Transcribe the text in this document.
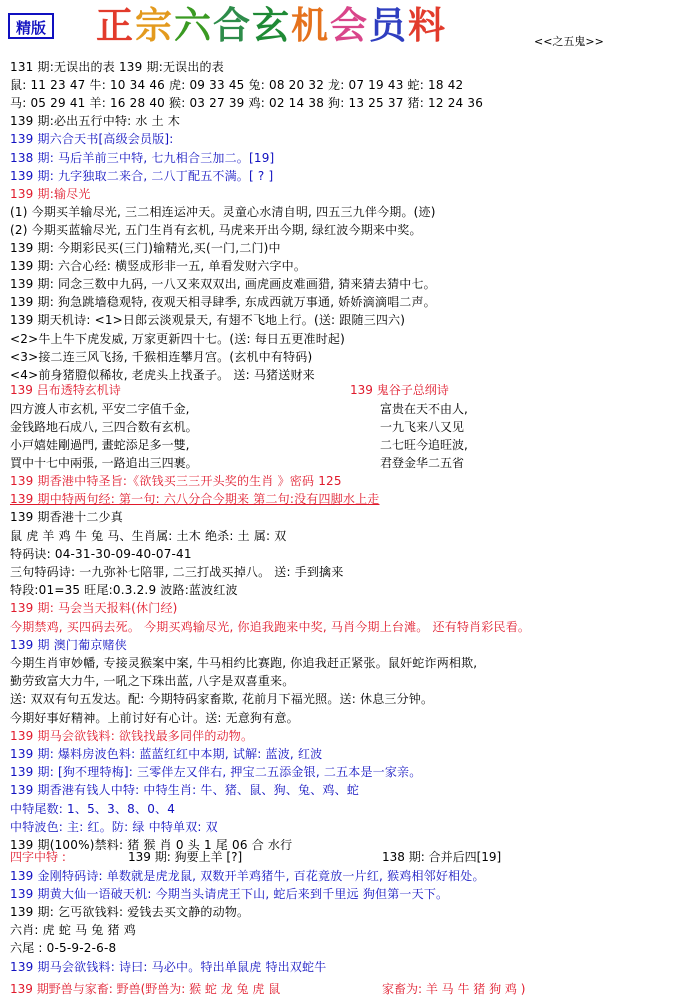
精版 正宗六合玄机会员料	<<之五鬼>>
131 期:无误出的表 139 期:无误出的表
鼠: 11 23 47 牛: 10 34 46 虎: 09 33 45 兔: 08 20 32 龙: 07 19 43 蛇: 18 42
马: 05 29 41 羊: 16 28 40 猴: 03 27 39 鸡: 02 14 38 狗: 13 25 37 猪: 12 24 36
139 期:必出五行中特: 水 土 木
139 期六合天书[高级会员版]:
138 期: 马后羊前三中特, 七九相合三加二。[19]
139 期: 九字独取二来合, 二八丁配五不满。[ ? ]
139 期:输尽光
(1) 今期买羊输尽光, 三二相连运冲天。灵童心水清自明, 四五三九伴今期。(迹)
(2) 今期买蓝输尽光, 五门生肖有玄机, 马虎来开出今期, 绿红波今期来中奖。
139 期: 今期彩民买(三门)输精光,买(一门,二门)中
139 期: 六合心经: 横竖成形非一五, 单看发财六字中。
139 期: 同念三数中九码, 一八又来双双出, 画虎画皮难画猎, 猜来猜去猜中七。
139 期: 狗急跳墙稳观特, 夜观天相寻肆季, 东成西就万事通, 娇娇滴滴唱二声。
139 期天机诗: <1>日郎云淡观景天, 有翅不飞地上行。(送: 跟随三四六)
<2>牛上牛下虎发威, 万家更新四十七。(送: 每日五更准时起)
<3>接二连三风飞扬, 千猴相连攀月宫。(玄机中有特码)
<4>前身猪膯似稀妆, 老虎头上找蚤子。 送: 马猪送财来
139 吕布透特玄机诗	139 鬼谷子总纲诗
四方渡人市玄机, 平安二字值千金,	富贵在天不由人,
金钱路地石成八, 三四合数有玄机。	一九飞来八又见
小戸嬉娃剛過門, 畫蛇添足多一雙,	二七旺今追旺波,
買中十七中兩張, 一路追出三四裹。	君登金华二五省
139 期香港中特圣旨:《欲钱买三三开头奖的生肖 》密码 125
139 期中特两句经: 第一句: 六八分合今期来 第二句:没有四脚水上走
139 期香港十二少真
鼠 虎 羊 鸡 牛 兔 马、生肖属: 土木 绝杀: 土 属: 双
特码诀: 04-31-30-09-40-07-41
三句特码诗: 一九弥补七陪罪, 二三打战买掉八。 送: 手到擒来
特段:01=35 旺尾:0.3.2.9 波路:蓝波红波
139 期: 马会当天报料(休门经)
今期禁鸡, 买四码去死。 今期买鸡输尽光, 你追我跑来中奖, 马肖今期上台滩。 还有特肖彩民看。
139 期 澳门葡京赌侠
今期生肖审妙幡, 专接灵猴案中案, 牛马相约比赛跑, 你追我赶正紧张。鼠奸蛇诈两相欺,
勤劳致富大力牛, 一吼之下珠出蓝, 八字是双喜重来。
送: 双双有句五发达。配: 今期特码家畜欺, 花前月下福光照。送: 休息三分钟。
今期好事好精神。上前讨好有心计。送: 无意狗有意。
139 期马会欲钱料: 欲钱找最多同伴的动物。
139 期: 爆料房波色料: 蓝蓝红红中本期, 试解: 蓝波, 红波
139 期: [狗不理特梅]: 三零伴左又伴右, 押宝二五添金银, 二五本是一家亲。
139 期香港有钱人中特: 中特生肖: 牛、猪、鼠、狗、兔、鸡、蛇
中特尾数: 1、5、3、8、0、4
中特波色: 主: 红。防: 绿 中特单双: 双
139 期(100%)禁料: 猪 猴 肖 0 头 1 尾 06 合 水行
四字中特 :	139 期: 狗要上羊 [?]	138 期: 合并后四[19]
139 金刚特码诗: 单数就是虎龙鼠, 双数开羊鸡猪牛, 百花竟放一片红, 猴鸡相邻好相处。
139 期黄大仙一语破天机: 今期当头请虎王下山, 蛇后来到千里远 狗但第一天下。
139 期: 乞丐欲钱料: 爱钱去买文静的动物。
六肖: 虎 蛇 马 兔 猪 鸡
六尾 : 0-5-9-2-6-8
139 期马会欲钱料: 诗曰: 马必中。特出单鼠虎 特出双蛇牛
139 期野兽与家畜: 野兽(野兽为: 猴 蛇 龙 兔 虎 鼠	家畜为: 羊 马 牛 猪 狗 鸡 )
